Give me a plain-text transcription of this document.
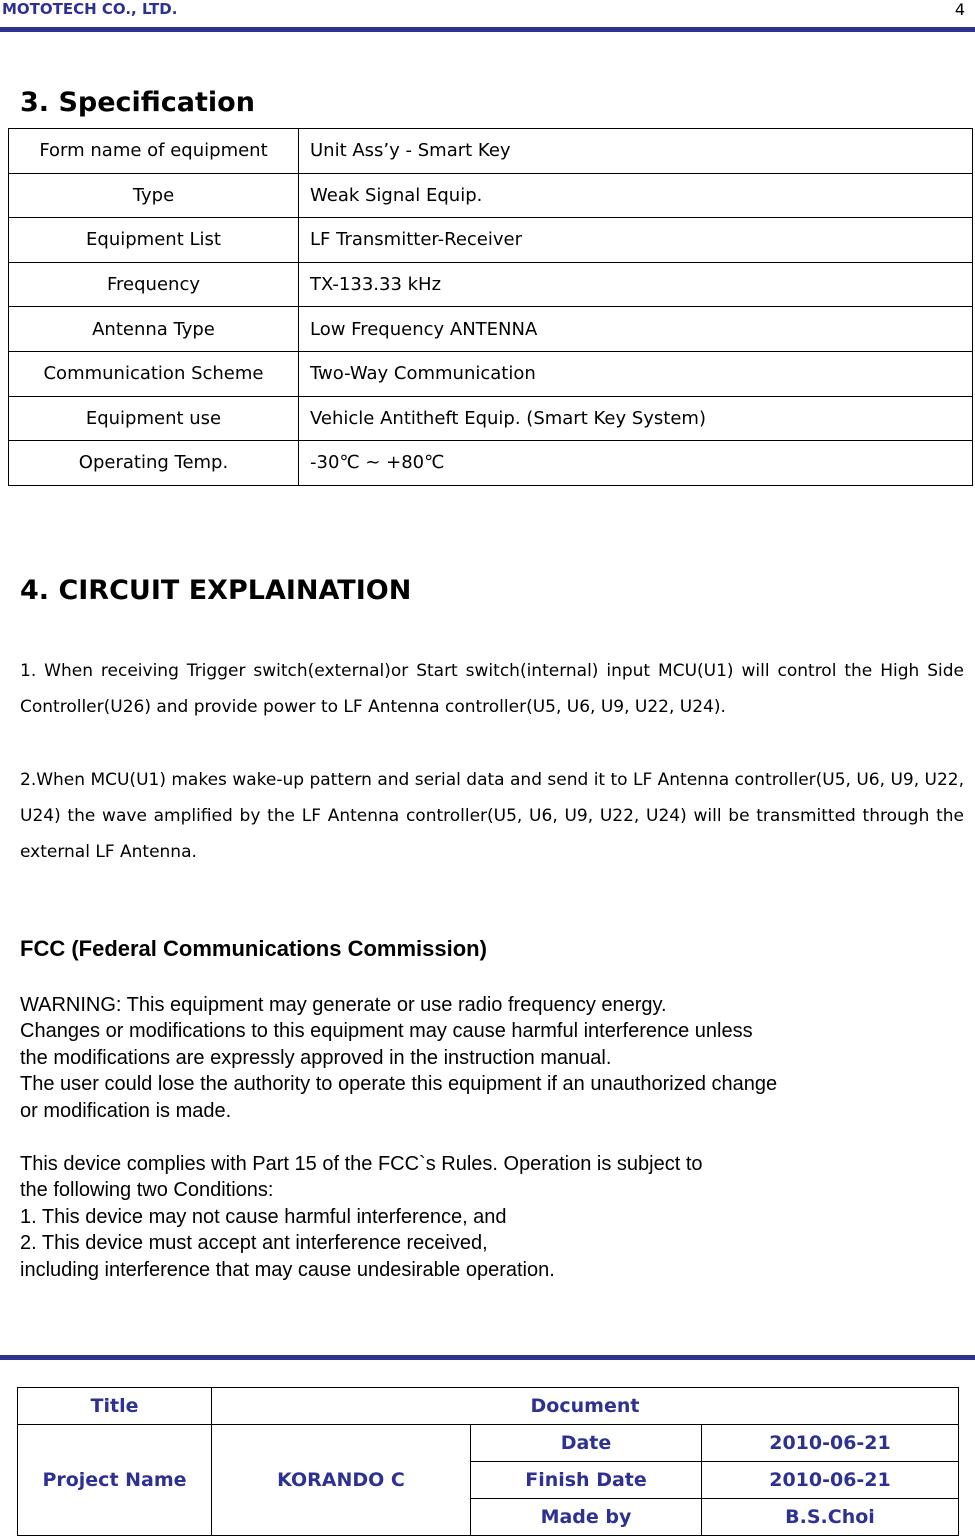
MOTOTECH CO., LTD.	4
3. Specification
Form name of equipment	Unit Ass’y - Smart Key
Type	Weak Signal Equip.
Equipment List	LF Transmitter-Receiver
Frequency	TX-133.33 kHz
Antenna Type	Low Frequency ANTENNA
Communication Scheme	Two-Way Communication
Equipment use	Vehicle Antitheft Equip. (Smart Key System)
Operating Temp.	-30℃ ~ +80℃
4. CIRCUIT EXPLAINATION

1. When receiving Trigger switch(external)or Start switch(internal) input MCU(U1) will control the High Side Controller(U26) and provide power to LF Antenna controller(U5, U6, U9, U22, U24).

2.When MCU(U1) makes wake-up pattern and serial data and send it to LF Antenna controller(U5, U6, U9, U22, U24) the wave amplified by the LF Antenna controller(U5, U6, U9, U22, U24) will be transmitted through the external LF Antenna.

FCC (Federal Communications Commission)
WARNING: This equipment may generate or use radio frequency energy.
Changes or modifications to this equipment may cause harmful interference unless
the modifications are expressly approved in the instruction manual.
The user could lose the authority to operate this equipment if an unauthorized change
or modification is made.
This device complies with Part 15 of the FCC`s Rules. Operation is subject to
the following two Conditions:
1. This device may not cause harmful interference, and
2. This device must accept ant interference received,
including interference that may cause undesirable operation.
Title	Document		
Project Name	KORANDO C	Date	2010-06-21
		Finish Date	2010-06-21
		Made by	B.S.Choi
